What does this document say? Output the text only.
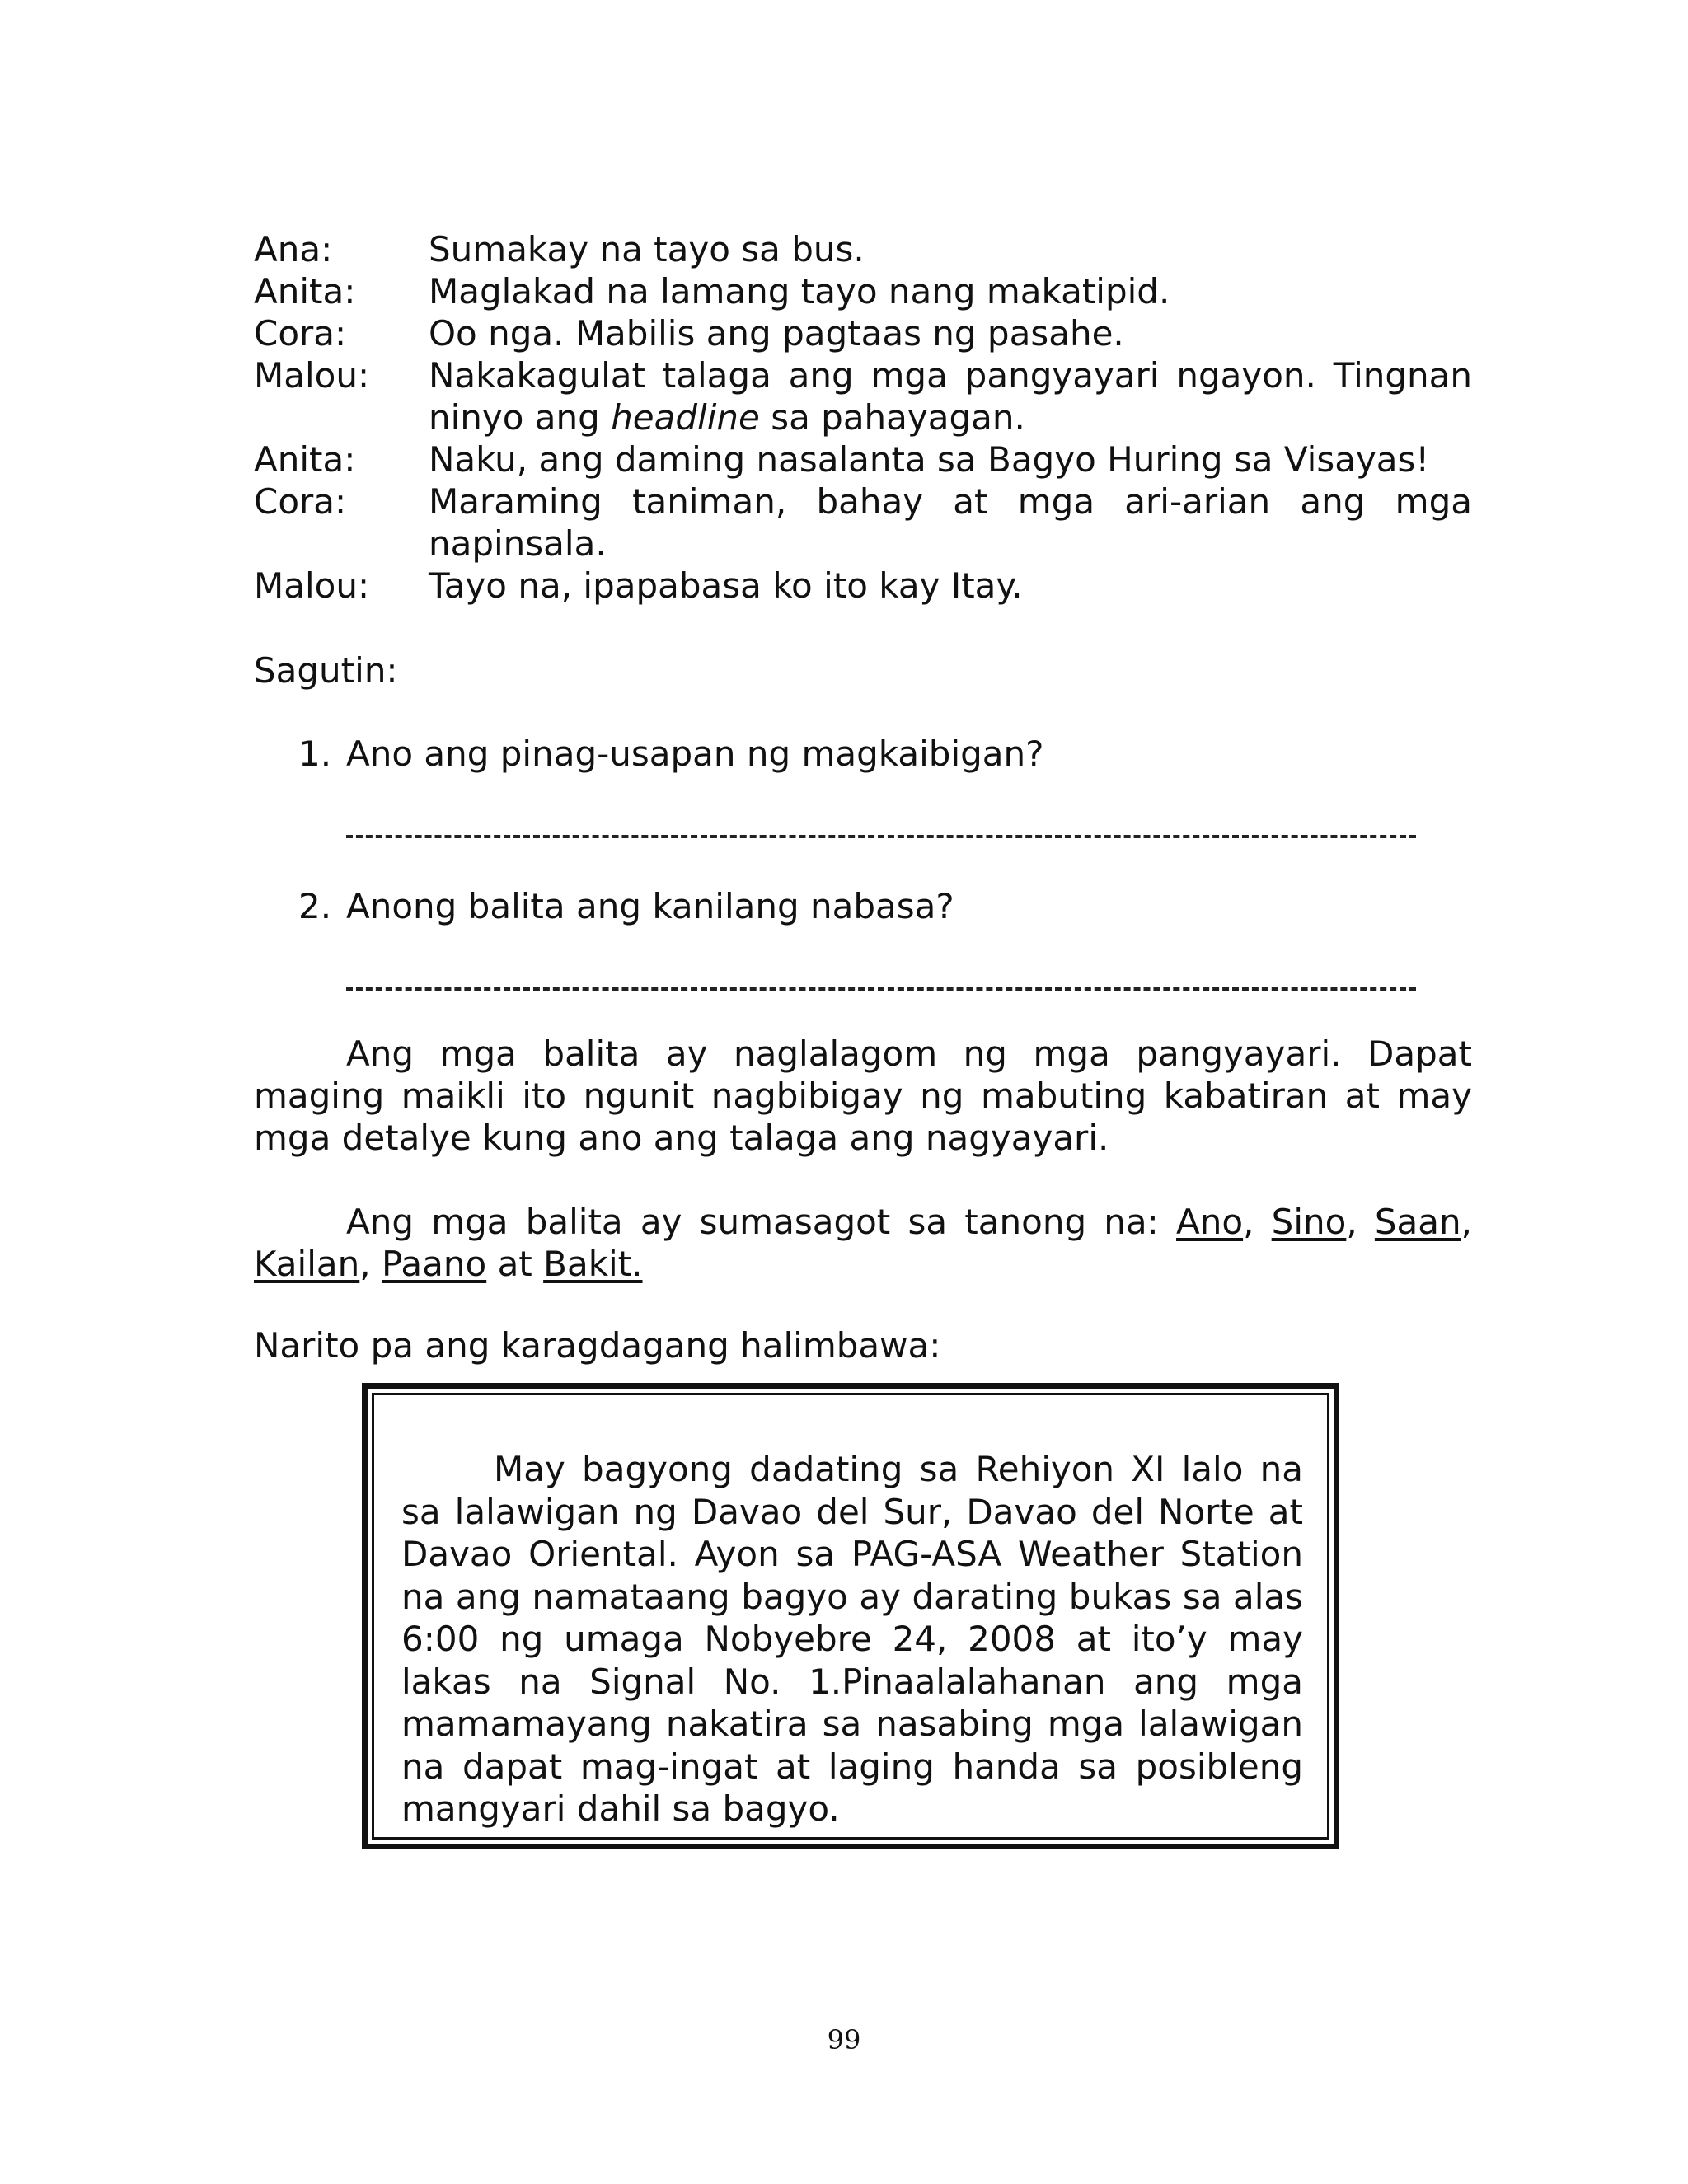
Ana:	Sumakay na tayo sa bus.
Anita:	Maglakad na lamang tayo nang makatipid.
Cora:	Oo nga. Mabilis ang pagtaas ng pasahe.
Malou:	Nakakagulat talaga ang mga pangyayari ngayon. Tingnan ninyo ang headline sa pahayagan.
Anita:	Naku, ang daming nasalanta sa Bagyo Huring sa Visayas!
Cora:	Maraming taniman, bahay at mga ari-arian ang mga napinsala.
Malou:	Tayo na, ipapabasa ko ito kay Itay.

Sagutin:

1. Ano ang pinag-usapan ng magkaibigan?

2. Anong balita ang kanilang nabasa?

Ang mga balita ay naglalagom ng mga pangyayari. Dapat maging maikli ito ngunit nagbibigay ng mabuting kabatiran at may mga detalye kung ano ang talaga ang nagyayari.

Ang mga balita ay sumasagot sa tanong na: Ano, Sino, Saan, Kailan, Paano at Bakit.

Narito pa ang karagdagang halimbawa:

May bagyong dadating sa Rehiyon XI lalo na sa lalawigan ng Davao del Sur, Davao del Norte at Davao Oriental. Ayon sa PAG-ASA Weather Station na ang namataang bagyo ay darating bukas sa alas 6:00 ng umaga Nobyebre 24, 2008 at ito’y may lakas na Signal No. 1.Pinaalalahanan ang mga mamamayang nakatira sa nasabing mga lalawigan na dapat mag-ingat at laging handa sa posibleng mangyari dahil sa bagyo.

99
